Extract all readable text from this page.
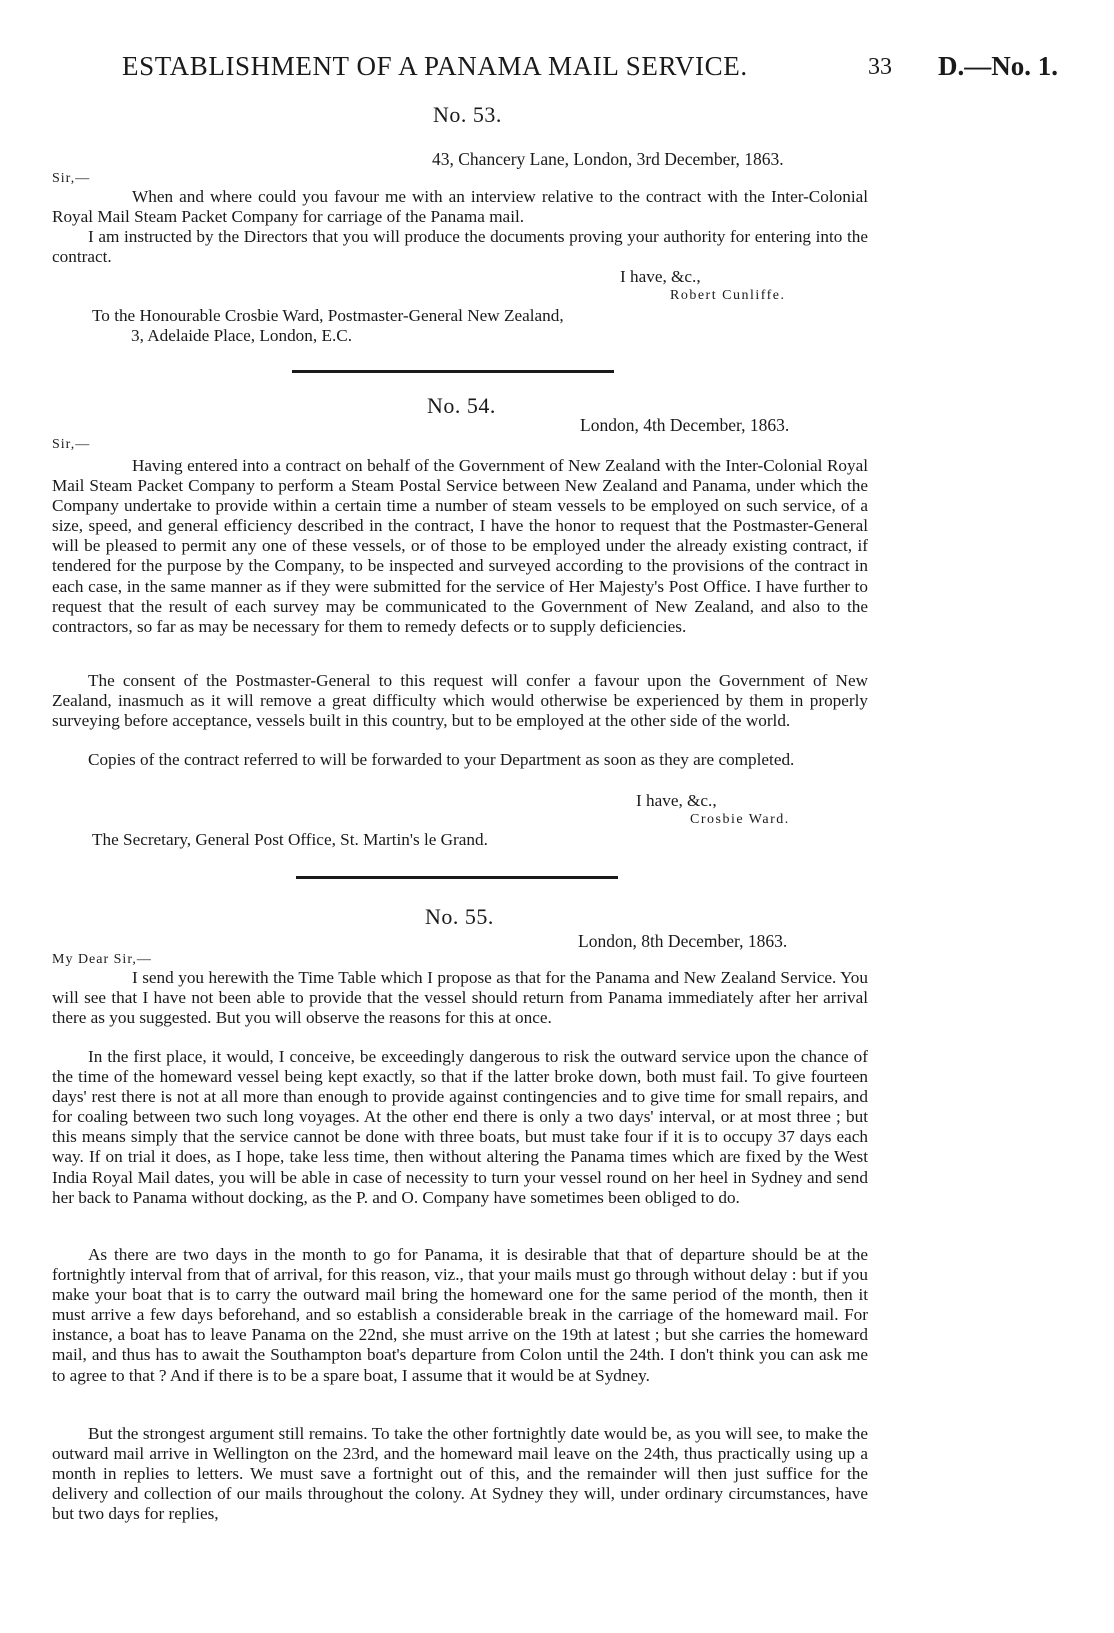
ESTABLISHMENT OF A PANAMA MAIL SERVICE.	33 D.—No. 1.
No. 53.
43, Chancery Lane, London, 3rd December, 1863.
Sir,—

When and where could you favour me with an interview relative to the contract with the Inter-Colonial Royal Mail Steam Packet Company for carriage of the Panama mail.

I am instructed by the Directors that you will produce the documents proving your authority for entering into the contract.

I have, &c.,
Robert Cunliffe.
To the Honourable Crosbie Ward, Postmaster-General New Zealand,
3, Adelaide Place, London, E.C.
No. 54.
London, 4th December, 1863.
Sir,—

Having entered into a contract on behalf of the Government of New Zealand with the Inter-Colonial Royal Mail Steam Packet Company to perform a Steam Postal Service between New Zealand and Panama, under which the Company undertake to provide within a certain time a number of steam vessels to be employed on such service, of a size, speed, and general efficiency described in the contract, I have the honor to request that the Postmaster-General will be pleased to permit any one of these vessels, or of those to be employed under the already existing contract, if tendered for the purpose by the Company, to be inspected and surveyed according to the provisions of the contract in each case, in the same manner as if they were submitted for the service of Her Majesty's Post Office. I have further to request that the result of each survey may be communicated to the Government of New Zealand, and also to the contractors, so far as may be necessary for them to remedy defects or to supply deficiencies.

The consent of the Postmaster-General to this request will confer a favour upon the Government of New Zealand, inasmuch as it will remove a great difficulty which would otherwise be experienced by them in properly surveying before acceptance, vessels built in this country, but to be employed at the other side of the world.

Copies of the contract referred to will be forwarded to your Department as soon as they are completed.

I have, &c.,
Crosbie Ward.
The Secretary, General Post Office, St. Martin's le Grand.
No. 55.
London, 8th December, 1863.
My Dear Sir,—

I send you herewith the Time Table which I propose as that for the Panama and New Zealand Service. You will see that I have not been able to provide that the vessel should return from Panama immediately after her arrival there as you suggested. But you will observe the reasons for this at once.

In the first place, it would, I conceive, be exceedingly dangerous to risk the outward service upon the chance of the time of the homeward vessel being kept exactly, so that if the latter broke down, both must fail. To give fourteen days' rest there is not at all more than enough to provide against contingencies and to give time for small repairs, and for coaling between two such long voyages. At the other end there is only a two days' interval, or at most three ; but this means simply that the service cannot be done with three boats, but must take four if it is to occupy 37 days each way. If on trial it does, as I hope, take less time, then without altering the Panama times which are fixed by the West India Royal Mail dates, you will be able in case of necessity to turn your vessel round on her heel in Sydney and send her back to Panama without docking, as the P. and O. Company have sometimes been obliged to do.

As there are two days in the month to go for Panama, it is desirable that that of departure should be at the fortnightly interval from that of arrival, for this reason, viz., that your mails must go through without delay : but if you make your boat that is to carry the outward mail bring the homeward one for the same period of the month, then it must arrive a few days beforehand, and so establish a considerable break in the carriage of the homeward mail. For instance, a boat has to leave Panama on the 22nd, she must arrive on the 19th at latest ; but she carries the homeward mail, and thus has to await the Southampton boat's departure from Colon until the 24th. I don't think you can ask me to agree to that ? And if there is to be a spare boat, I assume that it would be at Sydney.

But the strongest argument still remains. To take the other fortnightly date would be, as you will see, to make the outward mail arrive in Wellington on the 23rd, and the homeward mail leave on the 24th, thus practically using up a month in replies to letters. We must save a fortnight out of this, and the remainder will then just suffice for the delivery and collection of our mails throughout the colony. At Sydney they will, under ordinary circumstances, have but two days for replies,
